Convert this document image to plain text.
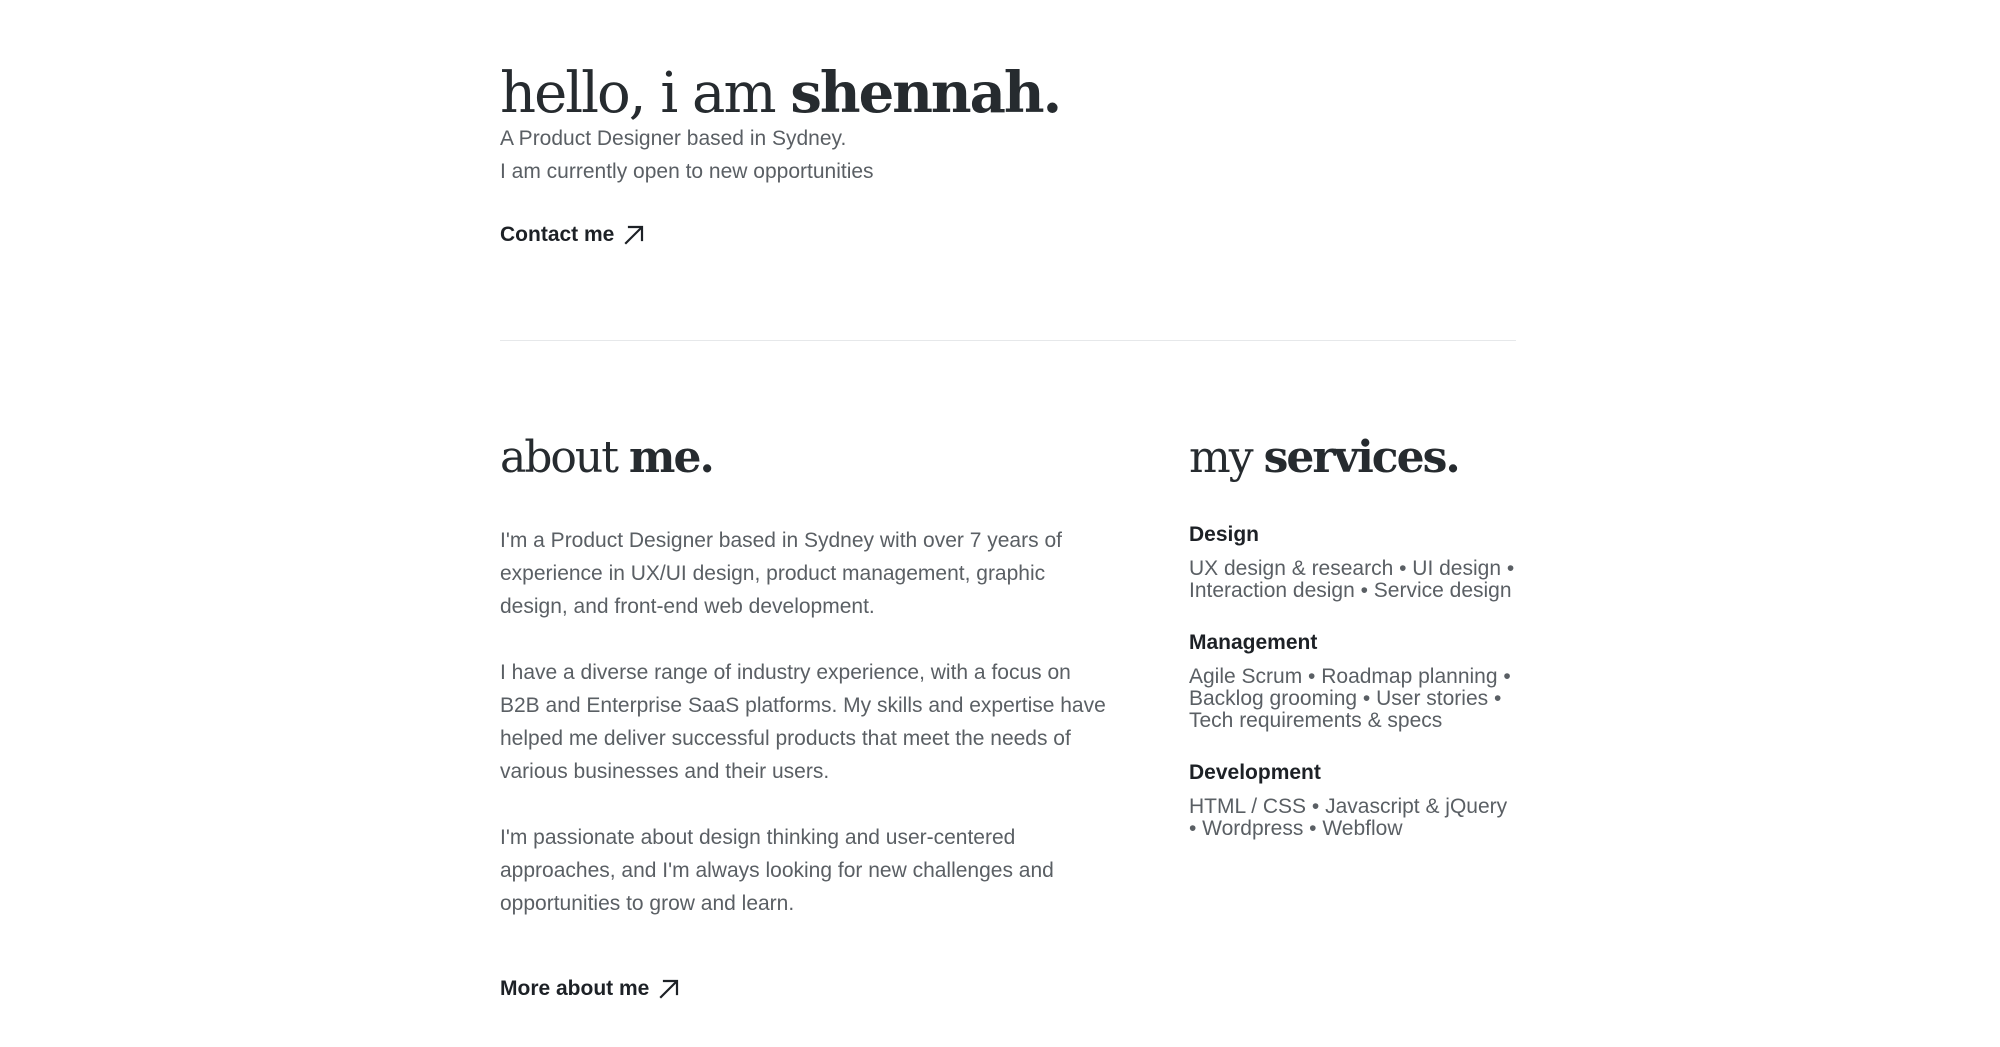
hello, i am shennah.

A Product Designer based in Sydney.
I am currently open to new opportunities

Contact me
about me.

I'm a Product Designer based in Sydney with over 7 years of experience in UX/UI design, product management, graphic design, and front-end web development.

I have a diverse range of industry experience, with a focus on B2B and Enterprise SaaS platforms. My skills and expertise have helped me deliver successful products that meet the needs of various businesses and their users.

I'm passionate about design thinking and user-centered approaches, and I'm always looking for new challenges and opportunities to grow and learn.

More about me
my services.

Design

UX design & research • UI design • Interaction design • Service design

Management

Agile Scrum • Roadmap planning • Backlog grooming • User stories • Tech requirements & specs

Development

HTML / CSS • Javascript & jQuery • Wordpress • Webflow
